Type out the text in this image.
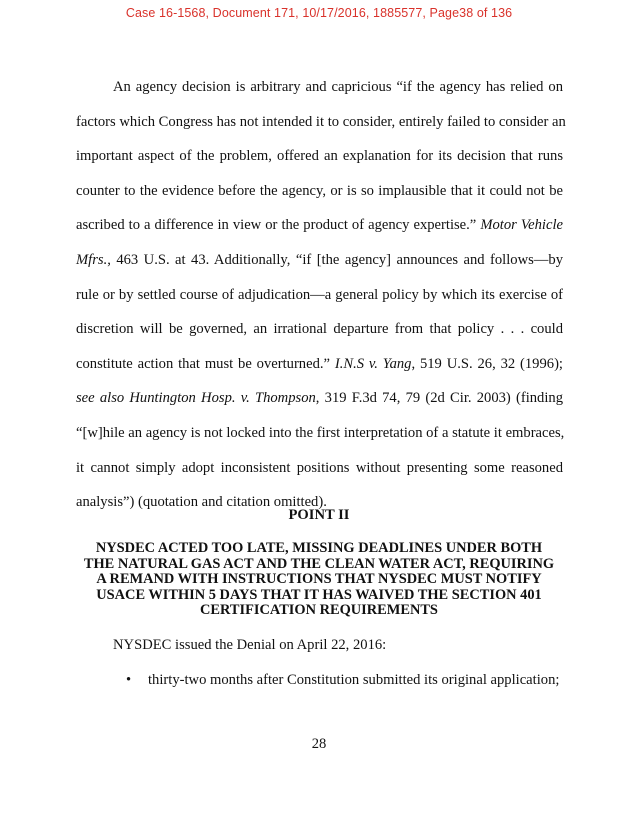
Case 16-1568, Document 171, 10/17/2016, 1885577, Page38 of 136
An agency decision is arbitrary and capricious “if the agency has relied on
factors which Congress has not intended it to consider, entirely failed to consider an
important aspect of the problem, offered an explanation for its decision that runs
counter to the evidence before the agency, or is so implausible that it could not be
ascribed to a difference in view or the product of agency expertise.” Motor Vehicle
Mfrs., 463 U.S. at 43. Additionally, “if [the agency] announces and follows—by
rule or by settled course of adjudication—a general policy by which its exercise of
discretion will be governed, an irrational departure from that policy . . . could
constitute action that must be overturned.” I.N.S v. Yang, 519 U.S. 26, 32 (1996);
see also Huntington Hosp. v. Thompson, 319 F.3d 74, 79 (2d Cir. 2003) (finding
“[w]hile an agency is not locked into the first interpretation of a statute it embraces,
it cannot simply adopt inconsistent positions without presenting some reasoned
analysis”) (quotation and citation omitted).
POINT II
NYSDEC ACTED TOO LATE, MISSING DEADLINES UNDER BOTH
THE NATURAL GAS ACT AND THE CLEAN WATER ACT, REQUIRING
A REMAND WITH INSTRUCTIONS THAT NYSDEC MUST NOTIFY
USACE WITHIN 5 DAYS THAT IT HAS WAIVED THE SECTION 401
CERTIFICATION REQUIREMENTS
NYSDEC issued the Denial on April 22, 2016:
• thirty-two months after Constitution submitted its original application;
28
